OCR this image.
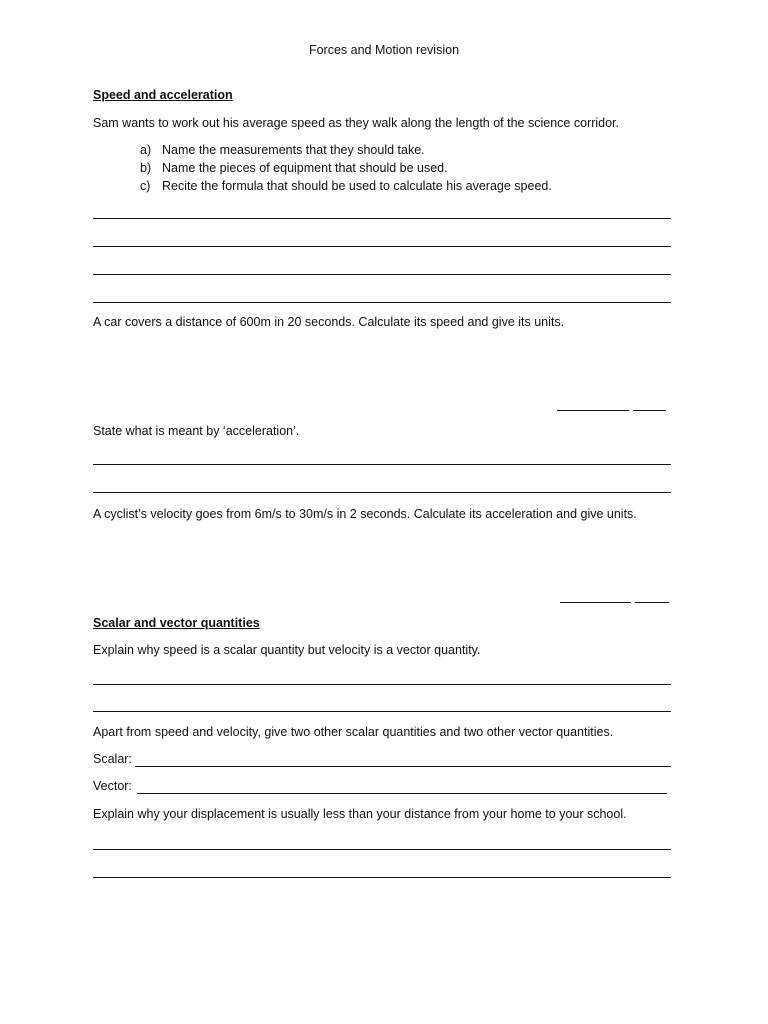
Forces and Motion revision
Speed and acceleration
Sam wants to work out his average speed as they walk along the length of the science corridor.
a) Name the measurements that they should take.
b) Name the pieces of equipment that should be used.
c) Recite the formula that should be used to calculate his average speed.
A car covers a distance of 600m in 20 seconds. Calculate its speed and give its units.
State what is meant by ‘acceleration’.
A cyclist’s velocity goes from 6m/s to 30m/s in 2 seconds. Calculate its acceleration and give units.
Scalar and vector quantities
Explain why speed is a scalar quantity but velocity is a vector quantity.
Apart from speed and velocity, give two other scalar quantities and two other vector quantities.
Scalar:
Vector:
Explain why your displacement is usually less than your distance from your home to your school.
